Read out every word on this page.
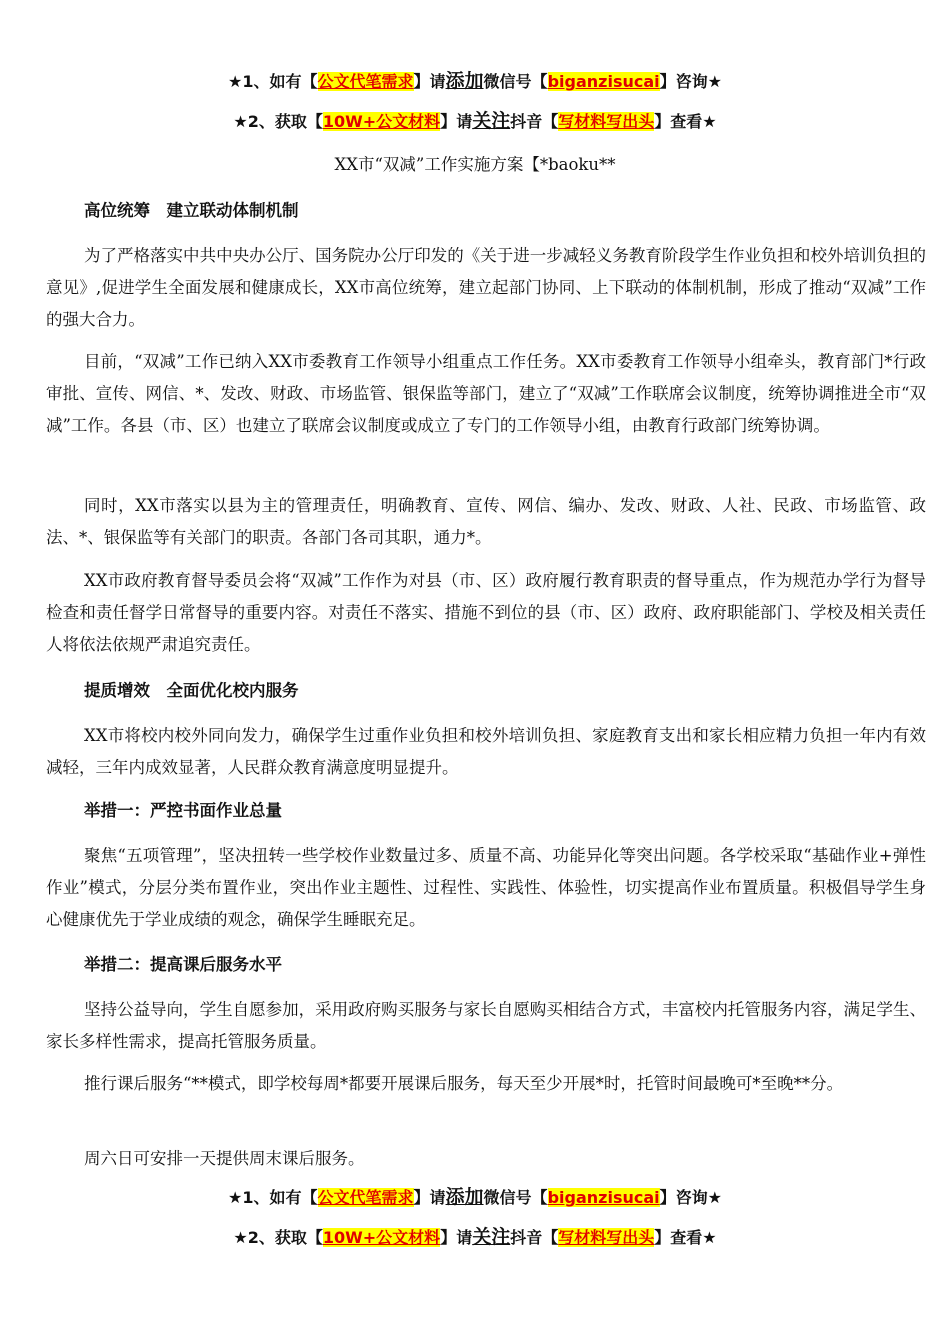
★1、如有【公文代笔需求】请添加微信号【biganzisucai】咨询★
★2、获取【10W+公文材料】请关注抖音【写材料写出头】查看★
XX市“双减”工作实施方案【*baoku**
高位统筹　建立联动体制机制
为了严格落实中共中央办公厅、国务院办公厅印发的《关于进一步减轻义务教育阶段学生作业负担和校外培训负担的意见》,促进学生全面发展和健康成长，XX市高位统筹，建立起部门协同、上下联动的体制机制，形成了推动“双减”工作的强大合力。
目前，“双减”工作已纳入XX市委教育工作领导小组重点工作任务。XX市委教育工作领导小组牵头，教育部门*行政审批、宣传、网信、*、发改、财政、市场监管、银保监等部门，建立了“双减”工作联席会议制度，统筹协调推进全市“双减”工作。各县（市、区）也建立了联席会议制度或成立了专门的工作领导小组，由教育行政部门统筹协调。
同时，XX市落实以县为主的管理责任，明确教育、宣传、网信、编办、发改、财政、人社、民政、市场监管、政法、*、银保监等有关部门的职责。各部门各司其职，通力*。
XX市政府教育督导委员会将“双减”工作作为对县（市、区）政府履行教育职责的督导重点，作为规范办学行为督导检查和责任督学日常督导的重要内容。对责任不落实、措施不到位的县（市、区）政府、政府职能部门、学校及相关责任人将依法依规严肃追究责任。
提质增效　全面优化校内服务
XX市将校内校外同向发力，确保学生过重作业负担和校外培训负担、家庭教育支出和家长相应精力负担一年内有效减轻，三年内成效显著，人民群众教育满意度明显提升。
举措一：严控书面作业总量
聚焦“五项管理”，坚决扭转一些学校作业数量过多、质量不高、功能异化等突出问题。各学校采取“基础作业+弹性作业”模式，分层分类布置作业，突出作业主题性、过程性、实践性、体验性，切实提高作业布置质量。积极倡导学生身心健康优先于学业成绩的观念，确保学生睡眠充足。
举措二：提高课后服务水平
坚持公益导向，学生自愿参加，采用政府购买服务与家长自愿购买相结合方式，丰富校内托管服务内容，满足学生、家长多样性需求，提高托管服务质量。
推行课后服务“**模式，即学校每周*都要开展课后服务，每天至少开展*时，托管时间最晚可*至晚**分。
周六日可安排一天提供周末课后服务。
★1、如有【公文代笔需求】请添加微信号【biganzisucai】咨询★
★2、获取【10W+公文材料】请关注抖音【写材料写出头】查看★
